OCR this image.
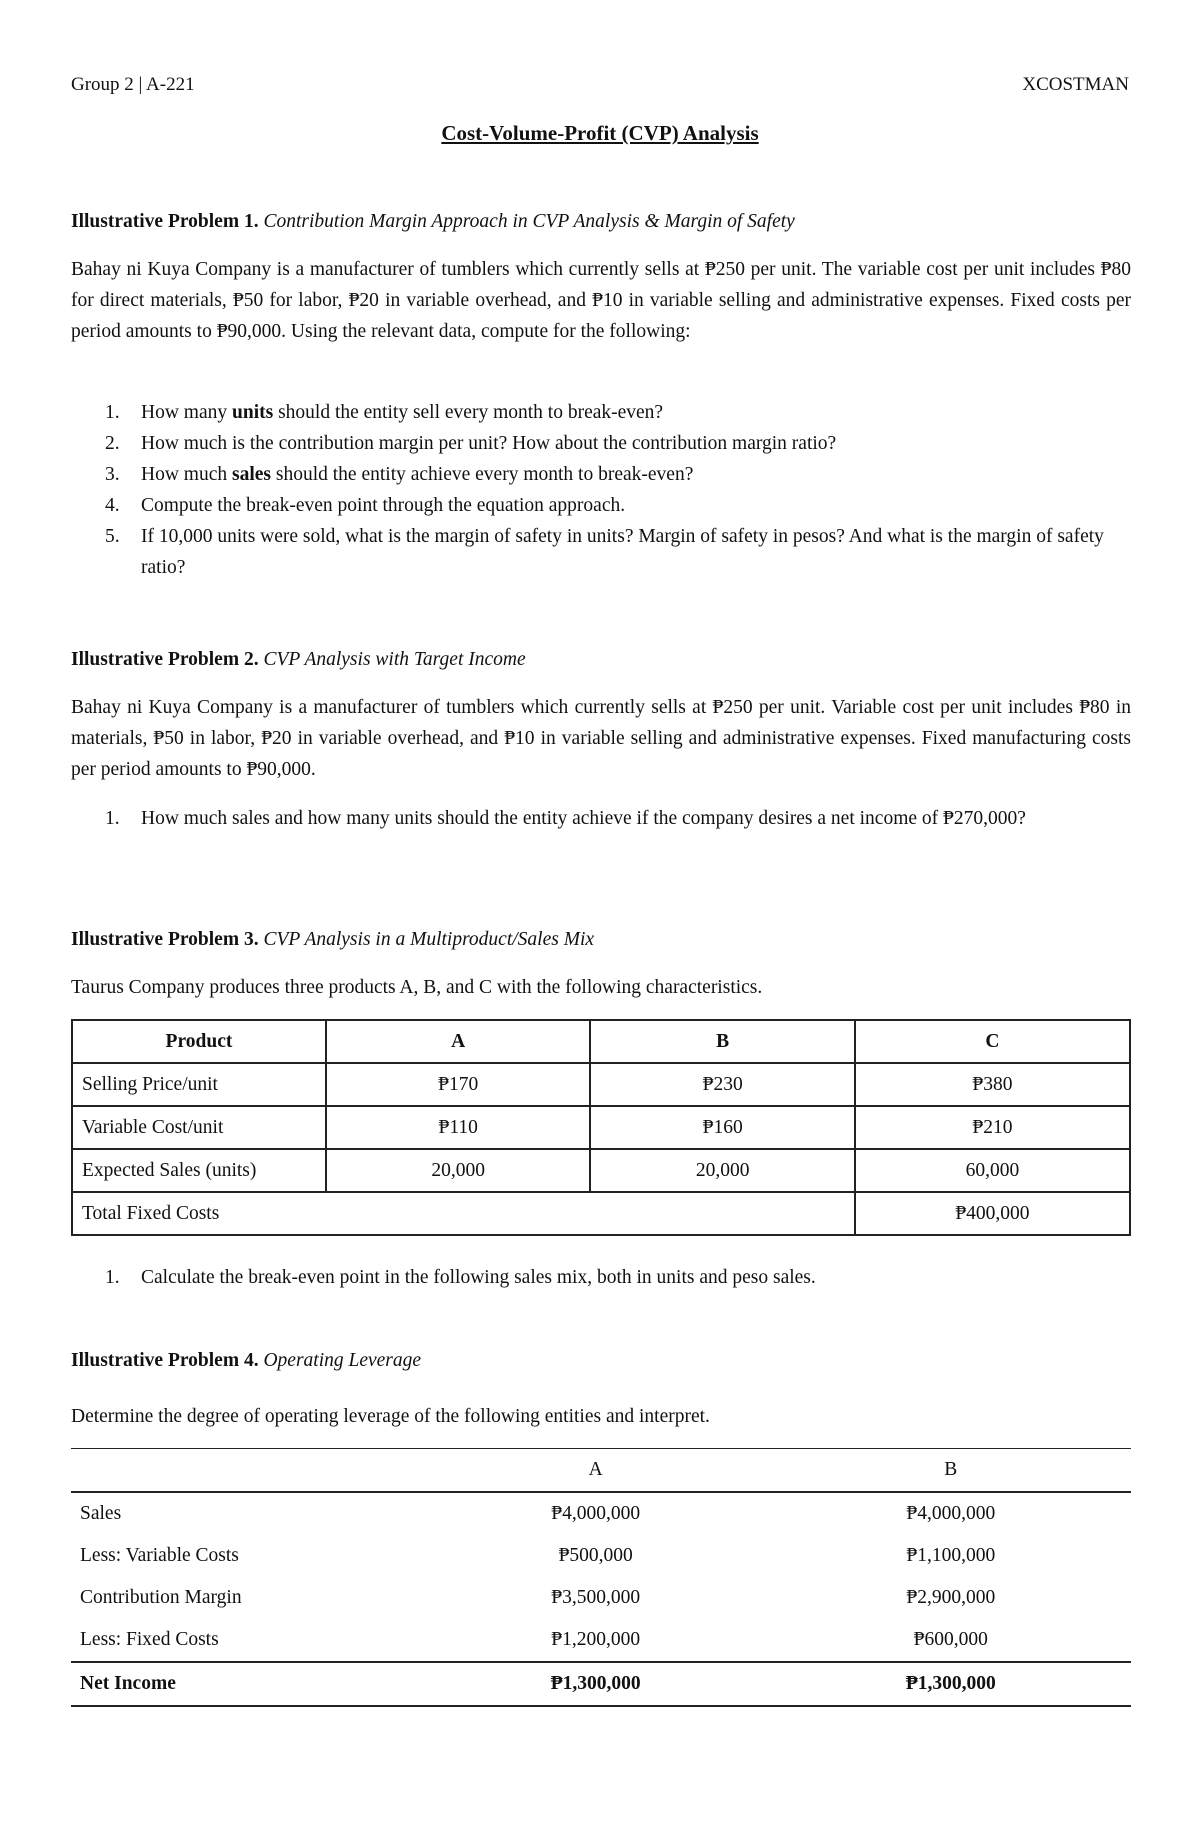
Group 2 | A-221	XCOSTMAN
Cost-Volume-Profit (CVP) Analysis
Illustrative Problem 1. Contribution Margin Approach in CVP Analysis & Margin of Safety
Bahay ni Kuya Company is a manufacturer of tumblers which currently sells at ₱250 per unit. The variable cost per unit includes ₱80 for direct materials, ₱50 for labor, ₱20 in variable overhead, and ₱10 in variable selling and administrative expenses. Fixed costs per period amounts to ₱90,000. Using the relevant data, compute for the following:
1. How many units should the entity sell every month to break-even?
2. How much is the contribution margin per unit? How about the contribution margin ratio?
3. How much sales should the entity achieve every month to break-even?
4. Compute the break-even point through the equation approach.
5. If 10,000 units were sold, what is the margin of safety in units? Margin of safety in pesos? And what is the margin of safety ratio?
Illustrative Problem 2. CVP Analysis with Target Income
Bahay ni Kuya Company is a manufacturer of tumblers which currently sells at ₱250 per unit. Variable cost per unit includes ₱80 in materials, ₱50 in labor, ₱20 in variable overhead, and ₱10 in variable selling and administrative expenses. Fixed manufacturing costs per period amounts to ₱90,000.
1. How much sales and how many units should the entity achieve if the company desires a net income of ₱270,000?
Illustrative Problem 3. CVP Analysis in a Multiproduct/Sales Mix
Taurus Company produces three products A, B, and C with the following characteristics.
Product	A	B	C
Selling Price/unit	₱170	₱230	₱380
Variable Cost/unit	₱110	₱160	₱210
Expected Sales (units)	20,000	20,000	60,000
Total Fixed Costs			₱400,000
1. Calculate the break-even point in the following sales mix, both in units and peso sales.
Illustrative Problem 4. Operating Leverage
Determine the degree of operating leverage of the following entities and interpret.
	A	B
Sales	₱4,000,000	₱4,000,000
Less: Variable Costs	₱500,000	₱1,100,000
Contribution Margin	₱3,500,000	₱2,900,000
Less: Fixed Costs	₱1,200,000	₱600,000
Net Income	₱1,300,000	₱1,300,000
